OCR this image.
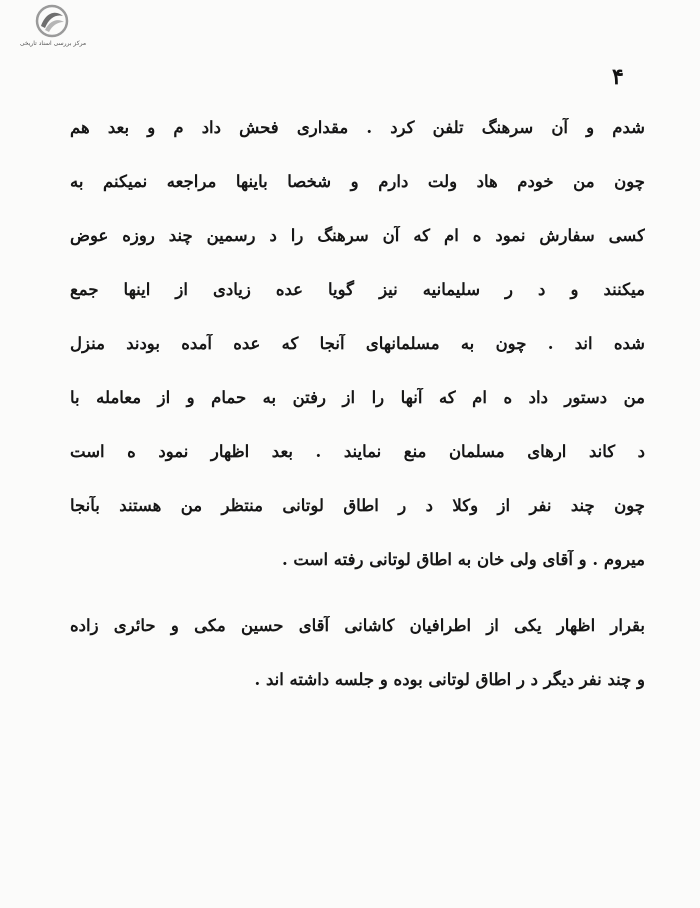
مرکز بررسی اسناد تاریخی
۴
شدم و آن سرهنگ تلفن کرد . مقداری فحش داد م و بعد هم
چون من خودم هاد ولت دارم و شخصا باینها مراجعه نمیکنم به
کسی سفارش نمود ه ام که آن سرهنگ را د رسمین چند روزه عوض
میکنند و د ر سلیمانیه نیز گویا عده زیادی از اینها جمع
شده اند . چون به مسلمانهای آنجا که عده آمده بودند منزل
من دستور داد ه ام که آنها را از رفتن به حمام و از معامله با
د کاند ارهای مسلمان منع نمایند . بعد اظهار نمود ه است
چون چند نفر از وکلا د ر اطاق لوتانی منتظر من هستند بآنجا
میروم . و آقای ولی خان به اطاق لوتانی رفته است .
بقرار اظهار یکی از اطرافیان کاشانی آقای حسین مکی و حائری زاده
و چند نفر دیگر د ر اطاق لوتانی بوده و جلسه داشته اند .
